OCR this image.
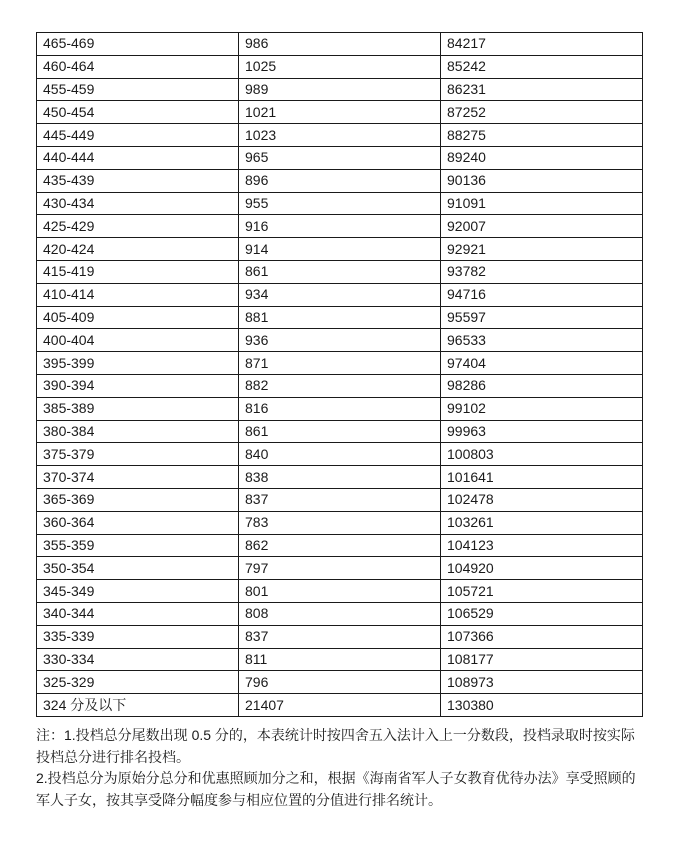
465-469	986	84217
460-464	1025	85242
455-459	989	86231
450-454	1021	87252
445-449	1023	88275
440-444	965	89240
435-439	896	90136
430-434	955	91091
425-429	916	92007
420-424	914	92921
415-419	861	93782
410-414	934	94716
405-409	881	95597
400-404	936	96533
395-399	871	97404
390-394	882	98286
385-389	816	99102
380-384	861	99963
375-379	840	100803
370-374	838	101641
365-369	837	102478
360-364	783	103261
355-359	862	104123
350-354	797	104920
345-349	801	105721
340-344	808	106529
335-339	837	107366
330-334	811	108177
325-329	796	108973
324 分及以下	21407	130380

注：1.投档总分尾数出现 0.5 分的，本表统计时按四舍五入法计入上一分数段，投档录取时按实际投档总分进行排名投档。

2.投档总分为原始分总分和优惠照顾加分之和，根据《海南省军人子女教育优待办法》享受照顾的军人子女，按其享受降分幅度参与相应位置的分值进行排名统计。
